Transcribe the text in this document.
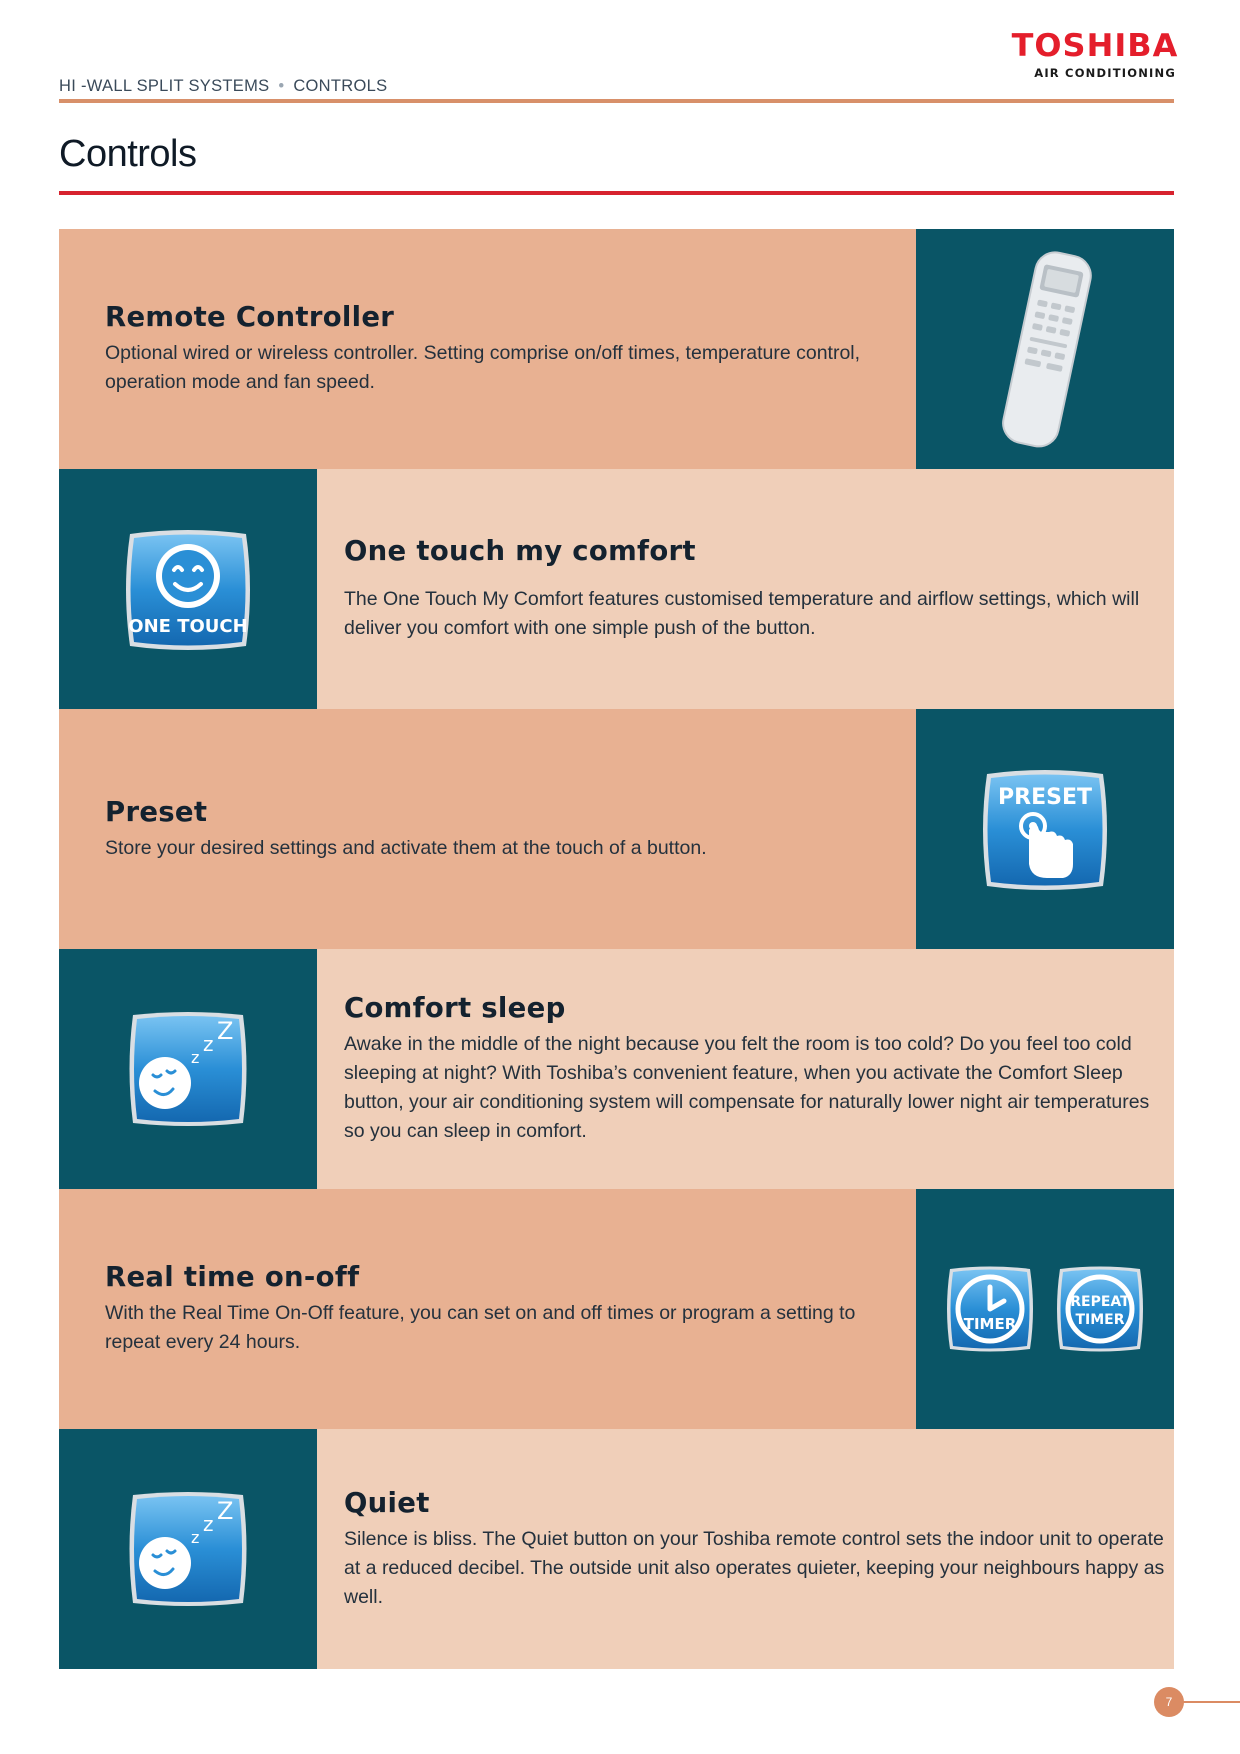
HI -WALL SPLIT SYSTEMS • CONTROLS
TOSHIBA
AIR CONDITIONING
Controls
Remote Controller

Optional wired or wireless controller. Setting comprise on/off times, temperature control, operation mode and fan speed.

ONE TOUCH
One touch my comfort

The One Touch My Comfort features customised temperature and airflow settings, which will deliver you comfort with one simple push of the button.

Preset

Store your desired settings and activate them at the touch of a button.

PRESET
z
z Z
Comfort sleep

Awake in the middle of the night because you felt the room is too cold? Do you feel too cold sleeping at night? With Toshiba’s convenient feature, when you activate the Comfort Sleep button, your air conditioning system will compensate for naturally lower night air temperatures so you can sleep in comfort.

Real time on-off

With the Real Time On-Off feature, you can set on and off times or program a setting to repeat every 24 hours.

TIMER
REPEAT
TIMER
z
z Z	Quiet

Silence is bliss. The Quiet button on your Toshiba remote control sets the indoor unit to operate at a reduced decibel. The outside unit also operates quieter, keeping your neighbours happy as well.

7
